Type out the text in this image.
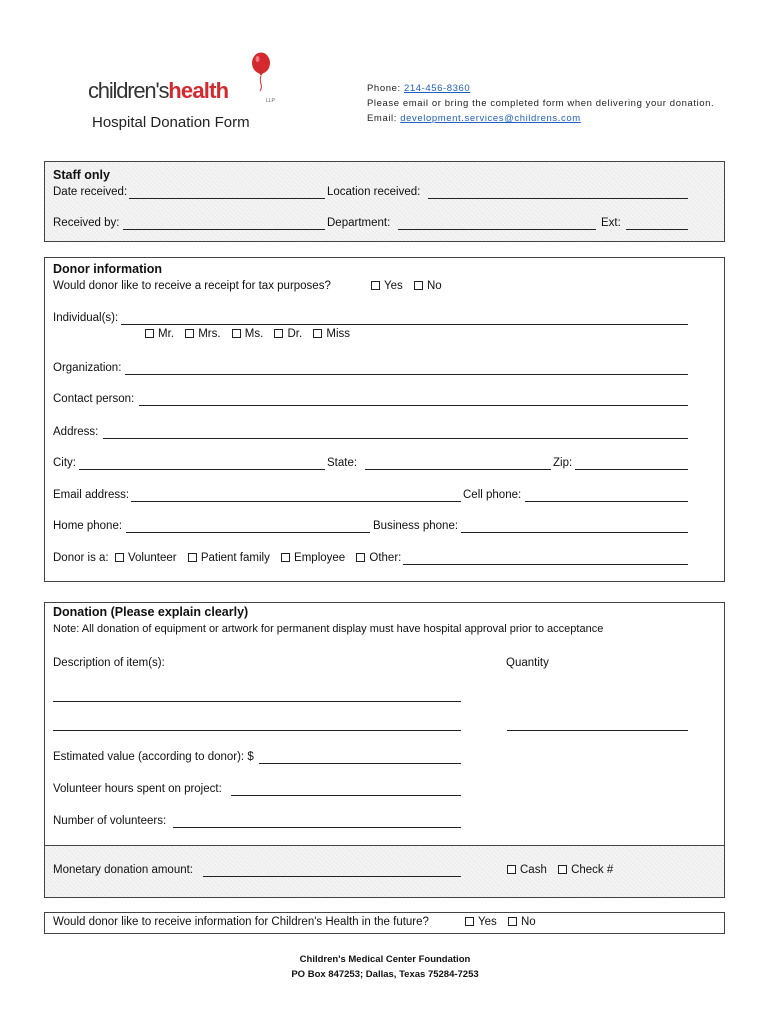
children'shealth	LLP
Hospital Donation Form
Phone: 214-456-8360
Please email or bring the completed form when delivering your donation.
Email: development.services@childrens.com
Staff only
Date received:	Location received:
Received by:	Department:	Ext:
Donor information
Would donor like to receive a receipt for tax purposes?	Yes No
Individual(s):
Mr. Mrs. Ms. Dr. Miss
Organization:
Contact person:
Address:
City:	State:	Zip:
Email address:	Cell phone:
Home phone:	Business phone:
Donor is a:	Volunteer Patient family Employee Other:
Donation (Please explain clearly)
Note: All donation of equipment or artwork for permanent display must have hospital approval prior to acceptance
Description of item(s):	Quantity
Estimated value (according to donor): $
Volunteer hours spent on project:
Number of volunteers:
Monetary donation amount:	Cash Check #
Would donor like to receive information for Children's Health in the future?	Yes No
Children's Medical Center Foundation
PO Box 847253; Dallas, Texas 75284-7253
